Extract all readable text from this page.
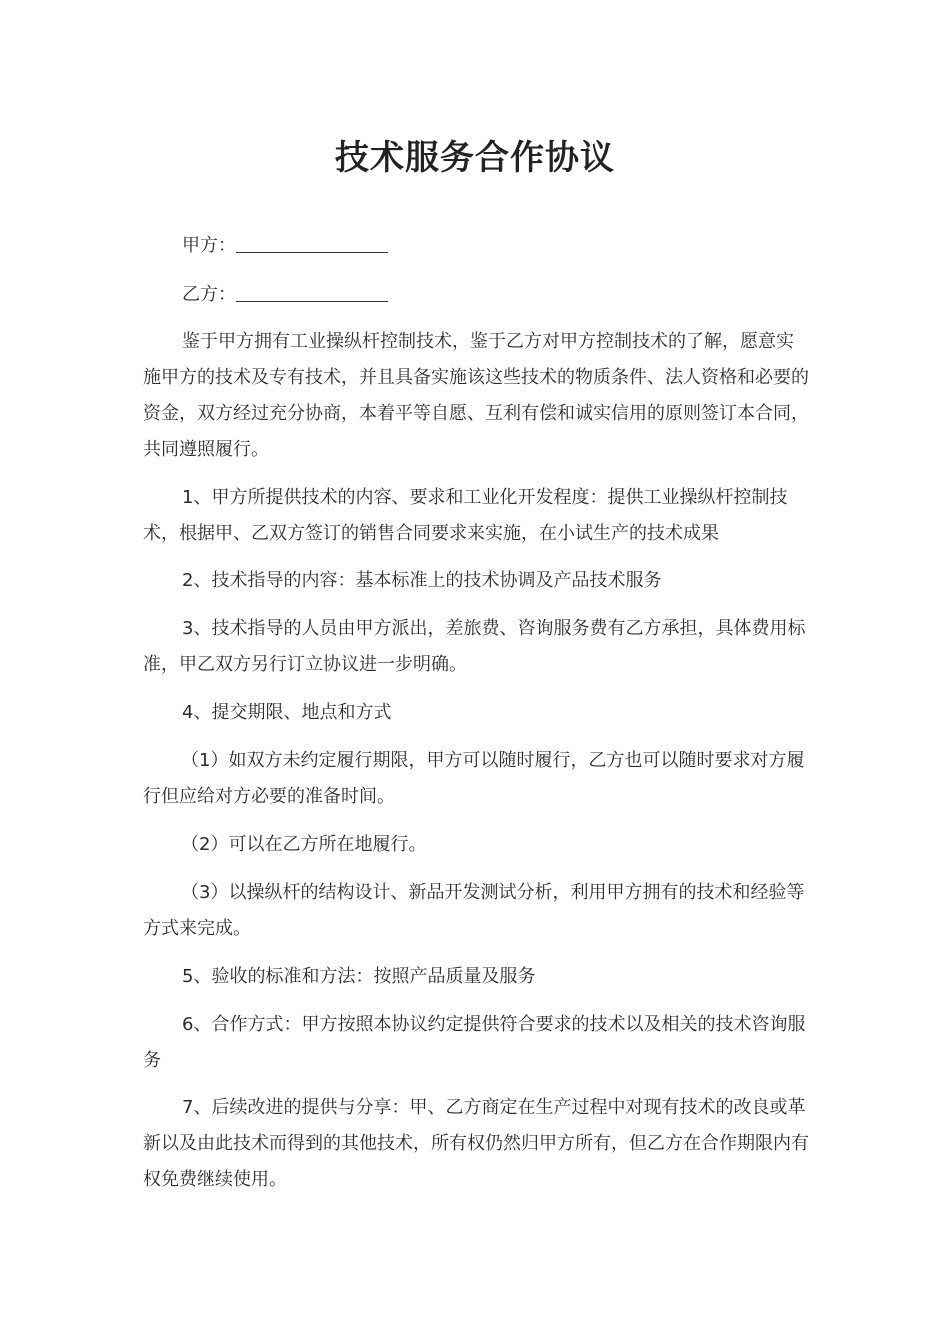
技术服务合作协议
甲方：
乙方：

鉴于甲方拥有工业操纵杆控制技术，鉴于乙方对甲方控制技术的了解，愿意实施甲方的技术及专有技术，并且具备实施该这些技术的物质条件、法人资格和必要的资金，双方经过充分协商，本着平等自愿、互利有偿和诚实信用的原则签订本合同，共同遵照履行。

1、甲方所提供技术的内容、要求和工业化开发程度：提供工业操纵杆控制技术，根据甲、乙双方签订的销售合同要求来实施，在小试生产的技术成果

2、技术指导的内容：基本标准上的技术协调及产品技术服务

3、技术指导的人员由甲方派出，差旅费、咨询服务费有乙方承担，具体费用标准，甲乙双方另行订立协议进一步明确。

4、提交期限、地点和方式

（1）如双方未约定履行期限，甲方可以随时履行，乙方也可以随时要求对方履行但应给对方必要的准备时间。

（2）可以在乙方所在地履行。

（3）以操纵杆的结构设计、新品开发测试分析，利用甲方拥有的技术和经验等方式来完成。

5、验收的标准和方法：按照产品质量及服务

6、合作方式：甲方按照本协议约定提供符合要求的技术以及相关的技术咨询服务

7、后续改进的提供与分享：甲、乙方商定在生产过程中对现有技术的改良或革新以及由此技术而得到的其他技术，所有权仍然归甲方所有，但乙方在合作期限内有权免费继续使用。
